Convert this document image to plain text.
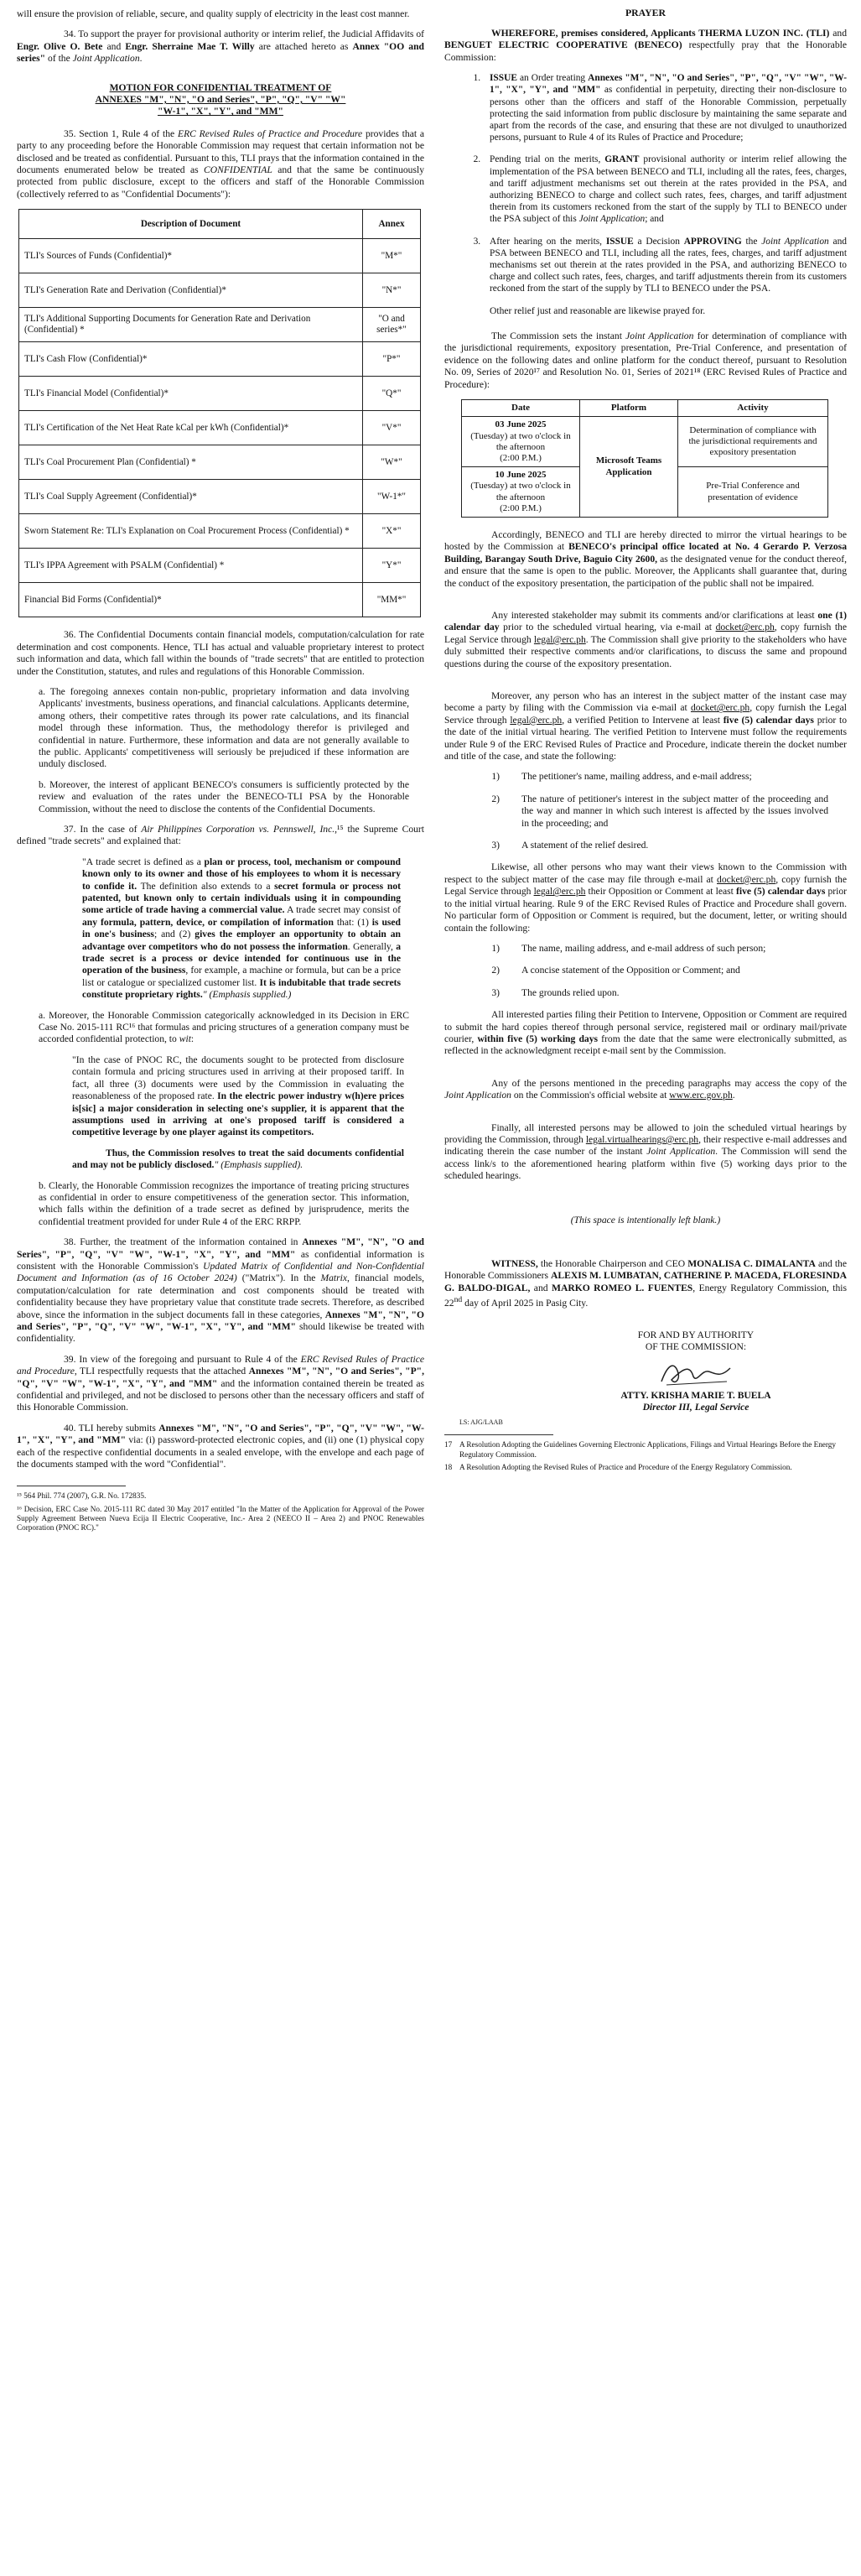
will ensure the provision of reliable, secure, and quality supply of electricity in the least cost manner.

34. To support the prayer for provisional authority or interim relief, the Judicial Affidavits of Engr. Olive O. Bete and Engr. Sherraine Mae T. Willy are attached hereto as Annex "OO and series" of the Joint Application.

MOTION FOR CONFIDENTIAL TREATMENT OF
ANNEXES "M", "N", "O and Series", "P", "Q", "V" "W"
"W-1", "X", "Y", and "MM"

35. Section 1, Rule 4 of the ERC Revised Rules of Practice and Procedure provides that a party to any proceeding before the Honorable Commission may request that certain information not be disclosed and be treated as confidential. Pursuant to this, TLI prays that the information contained in the documents enumerated below be treated as CONFIDENTIAL and that the same be continuously protected from public disclosure, except to the officers and staff of the Honorable Commission (collectively referred to as "Confidential Documents"):

Description of Document	Annex
TLI's Sources of Funds (Confidential)*	"M*"
TLI's Generation Rate and Derivation (Confidential)*	"N*"
TLI's Additional Supporting Documents for Generation Rate and Derivation (Confidential) *	"O and series*"
TLI's Cash Flow (Confidential)*	"P*"
TLI's Financial Model (Confidential)*	"Q*"
TLI's Certification of the Net Heat Rate kCal per kWh (Confidential)*	"V*"
TLI's Coal Procurement Plan (Confidential) *	"W*"
TLI's Coal Supply Agreement (Confidential)*	"W-1*"
Sworn Statement Re: TLI's Explanation on Coal Procurement Process (Confidential) *	"X*"
TLI's IPPA Agreement with PSALM (Confidential) *	"Y*"
Financial Bid Forms (Confidential)*	"MM*"

36. The Confidential Documents contain financial models, computation/calculation for rate determination and cost components. Hence, TLI has actual and valuable proprietary interest to protect such information and data, which fall within the bounds of "trade secrets" that are entitled to protection under the Constitution, statutes, and rules and regulations of this Honorable Commission.

a. The foregoing annexes contain non-public, proprietary information and data involving Applicants' investments, business operations, and financial calculations. Applicants determine, among others, their competitive rates through its power rate calculations, and its financial model through these information. Thus, the methodology therefor is privileged and confidential in nature. Furthermore, these information and data are not generally available to the public. Applicants' competitiveness will seriously be prejudiced if these information are unduly disclosed.

b. Moreover, the interest of applicant BENECO's consumers is sufficiently protected by the review and evaluation of the rates under the BENECO-TLI PSA by the Honorable Commission, without the need to disclose the contents of the Confidential Documents.

37. In the case of Air Philippines Corporation vs. Pennswell, Inc.,¹⁵ the Supreme Court defined "trade secrets" and explained that:

"A trade secret is defined as a plan or process, tool, mechanism or compound known only to its owner and those of his employees to whom it is necessary to confide it. The definition also extends to a secret formula or process not patented, but known only to certain individuals using it in compounding some article of trade having a commercial value. A trade secret may consist of any formula, pattern, device, or compilation of information that: (1) is used in one's business; and (2) gives the employer an opportunity to obtain an advantage over competitors who do not possess the information. Generally, a trade secret is a process or device intended for continuous use in the operation of the business, for example, a machine or formula, but can be a price list or catalogue or specialized customer list. It is indubitable that trade secrets constitute proprietary rights." (Emphasis supplied.)

a. Moreover, the Honorable Commission categorically acknowledged in its Decision in ERC Case No. 2015-111 RC¹⁶ that formulas and pricing structures of a generation company must be accorded confidential protection, to wit:

"In the case of PNOC RC, the documents sought to be protected from disclosure contain formula and pricing structures used in arriving at their proposed tariff. In fact, all three (3) documents were used by the Commission in evaluating the reasonableness of the proposed rate. In the electric power industry w(h)ere prices is[sic] a major consideration in selecting one's supplier, it is apparent that the assumptions used in arriving at one's proposed tariff is considered a competitive leverage by one player against its competitors.

Thus, the Commission resolves to treat the said documents confidential and may not be publicly disclosed." (Emphasis supplied).

b. Clearly, the Honorable Commission recognizes the importance of treating pricing structures as confidential in order to ensure competitiveness of the generation sector. This information, which falls within the definition of a trade secret as defined by jurisprudence, merits the confidential treatment provided for under Rule 4 of the ERC RRPP.

38. Further, the treatment of the information contained in Annexes "M", "N", "O and Series", "P", "Q", "V" "W", "W-1", "X", "Y", and "MM" as confidential information is consistent with the Honorable Commission's Updated Matrix of Confidential and Non-Confidential Document and Information (as of 16 October 2024) ("Matrix"). In the Matrix, financial models, computation/calculation for rate determination and cost components should be treated with confidentiality because they have proprietary value that constitute trade secrets. Therefore, as described above, since the information in the subject documents fall in these categories, Annexes "M", "N", "O and Series", "P", "Q", "V" "W", "W-1", "X", "Y", and "MM" should likewise be treated with confidentiality.

39. In view of the foregoing and pursuant to Rule 4 of the ERC Revised Rules of Practice and Procedure, TLI respectfully requests that the attached Annexes "M", "N", "O and Series", "P", "Q", "V" "W", "W-1", "X", "Y", and "MM" and the information contained therein be treated as confidential and privileged, and not be disclosed to persons other than the necessary officers and staff of this Honorable Commission.

40. TLI hereby submits Annexes "M", "N", "O and Series", "P", "Q", "V" "W", "W-1", "X", "Y", and "MM" via: (i) password-protected electronic copies, and (ii) one (1) physical copy each of the respective confidential documents in a sealed envelope, with the envelope and each page of the documents stamped with the word "Confidential".

¹⁵ 564 Phil. 774 (2007), G.R. No. 172835.

¹⁶ Decision, ERC Case No. 2015-111 RC dated 30 May 2017 entitled "In the Matter of the Application for Approval of the Power Supply Agreement Between Nueva Ecija II Electric Cooperative, Inc.- Area 2 (NEECO II – Area 2) and PNOC Renewables Corporation (PNOC RC)."

PRAYER

WHEREFORE, premises considered, Applicants THERMA LUZON INC. (TLI) and BENGUET ELECTRIC COOPERATIVE (BENECO) respectfully pray that the Honorable Commission:

1. ISSUE an Order treating Annexes "M", "N", "O and Series", "P", "Q", "V" "W", "W-1", "X", "Y", and "MM" as confidential in perpetuity, directing their non-disclosure to persons other than the officers and staff of the Honorable Commission, perpetually protecting the said information from public disclosure by maintaining the same separate and apart from the records of the case, and ensuring that these are not divulged to unauthorized persons, pursuant to Rule 4 of its Rules of Practice and Procedure;
2. Pending trial on the merits, GRANT provisional authority or interim relief allowing the implementation of the PSA between BENECO and TLI, including all the rates, fees, charges, and tariff adjustment mechanisms set out therein at the rates provided in the PSA, and authorizing BENECO to charge and collect such rates, fees, charges, and tariff adjustment therein from its customers reckoned from the start of the supply by TLI to BENECO under the PSA subject of this Joint Application; and
3. After hearing on the merits, ISSUE a Decision APPROVING the Joint Application and PSA between BENECO and TLI, including all the rates, fees, charges, and tariff adjustment mechanisms set out therein at the rates provided in the PSA, and authorizing BENECO to charge and collect such rates, fees, charges, and tariff adjustments therein from its customers reckoned from the start of the supply by TLI to BENECO under the PSA.

Other relief just and reasonable are likewise prayed for.

The Commission sets the instant Joint Application for determination of compliance with the jurisdictional requirements, expository presentation, Pre-Trial Conference, and presentation of evidence on the following dates and online platform for the conduct thereof, pursuant to Resolution No. 09, Series of 2020¹⁷ and Resolution No. 01, Series of 2021¹⁸ (ERC Revised Rules of Practice and Procedure):

Date	Platform	Activity

03 June 2025
(Tuesday) at two o'clock in the afternoon
(2:00 P.M.)	Microsoft Teams Application	Determination of compliance with the jurisdictional requirements and expository presentation

10 June 2025
(Tuesday) at two o'clock in the afternoon
(2:00 P.M.)		Pre-Trial Conference and presentation of evidence

Accordingly, BENECO and TLI are hereby directed to mirror the virtual hearings to be hosted by the Commission at BENECO's principal office located at No. 4 Gerardo P. Verzosa Building, Barangay South Drive, Baguio City 2600, as the designated venue for the conduct thereof, and ensure that the same is open to the public. Moreover, the Applicants shall guarantee that, during the conduct of the expository presentation, the participation of the public shall not be impaired.

Any interested stakeholder may submit its comments and/or clarifications at least one (1) calendar day prior to the scheduled virtual hearing, via e-mail at docket@erc.ph, copy furnish the Legal Service through legal@erc.ph. The Commission shall give priority to the stakeholders who have duly submitted their respective comments and/or clarifications, to discuss the same and propound questions during the course of the expository presentation.

Moreover, any person who has an interest in the subject matter of the instant case may become a party by filing with the Commission via e-mail at docket@erc.ph, copy furnish the Legal Service through legal@erc.ph, a verified Petition to Intervene at least five (5) calendar days prior to the date of the initial virtual hearing. The verified Petition to Intervene must follow the requirements under Rule 9 of the ERC Revised Rules of Practice and Procedure, indicate therein the docket number and title of the case, and state the following:

1)	The petitioner's name, mailing address, and e-mail address;
2)	The nature of petitioner's interest in the subject matter of the proceeding and the way and manner in which such interest is affected by the issues involved in the proceeding; and
3)	A statement of the relief desired.

Likewise, all other persons who may want their views known to the Commission with respect to the subject matter of the case may file through e-mail at docket@erc.ph, copy furnish the Legal Service through legal@erc.ph their Opposition or Comment at least five (5) calendar days prior to the initial virtual hearing. Rule 9 of the ERC Revised Rules of Practice and Procedure shall govern. No particular form of Opposition or Comment is required, but the document, letter, or writing should contain the following:

1)	The name, mailing address, and e-mail address of such person;
2)	A concise statement of the Opposition or Comment; and
3)	The grounds relied upon.

All interested parties filing their Petition to Intervene, Opposition or Comment are required to submit the hard copies thereof through personal service, registered mail or ordinary mail/private courier, within five (5) working days from the date that the same were electronically submitted, as reflected in the acknowledgment receipt e-mail sent by the Commission.

Any of the persons mentioned in the preceding paragraphs may access the copy of the Joint Application on the Commission's official website at www.erc.gov.ph.

Finally, all interested persons may be allowed to join the scheduled virtual hearings by providing the Commission, through legal.virtualhearings@erc.ph, their respective e-mail addresses and indicating therein the case number of the instant Joint Application. The Commission will send the access link/s to the aforementioned hearing platform within five (5) working days prior to the scheduled hearings.

(This space is intentionally left blank.)

WITNESS, the Honorable Chairperson and CEO MONALISA C. DIMALANTA and the Honorable Commissioners ALEXIS M. LUMBATAN, CATHERINE P. MACEDA, FLORESINDA G. BALDO-DIGAL, and MARKO ROMEO L. FUENTES, Energy Regulatory Commission, this 22nd day of April 2025 in Pasig City.

FOR AND BY AUTHORITY

OF THE COMMISSION:

ATTY. KRISHA MARIE T. BUELA

Director III, Legal Service

LS: AJG/LAAB
17 A Resolution Adopting the Guidelines Governing Electronic Applications, Filings and Virtual Hearings Before the Energy Regulatory Commission.
18 A Resolution Adopting the Revised Rules of Practice and Procedure of the Energy Regulatory Commission.
